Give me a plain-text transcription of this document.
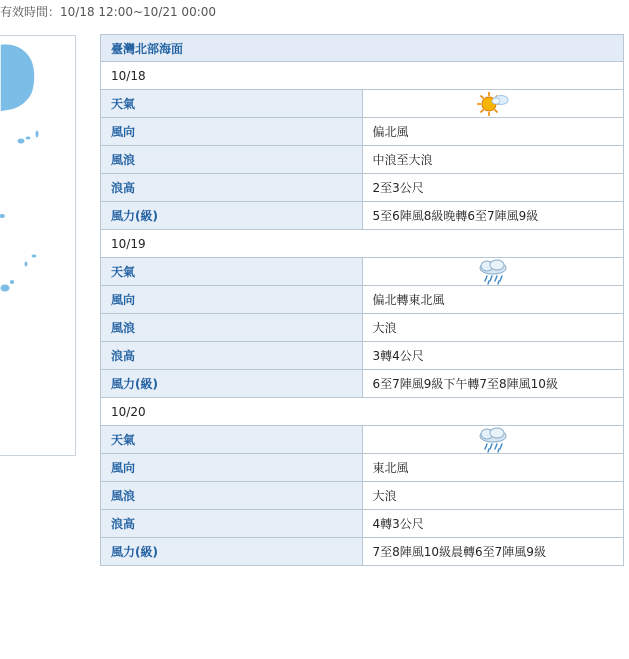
有效時間：10/18 12:00~10/21 00:00
臺灣北部海面	
10/18	
天氣	
風向	偏北風
風浪	中浪至大浪
浪高	2至3公尺
風力(級)	5至6陣風8級晚轉6至7陣風9級
10/19	
天氣	
風向	偏北轉東北風
風浪	大浪
浪高	3轉4公尺
風力(級)	6至7陣風9級下午轉7至8陣風10級
10/20	
天氣	
風向	東北風
風浪	大浪
浪高	4轉3公尺
風力(級)	7至8陣風10級晨轉6至7陣風9級
